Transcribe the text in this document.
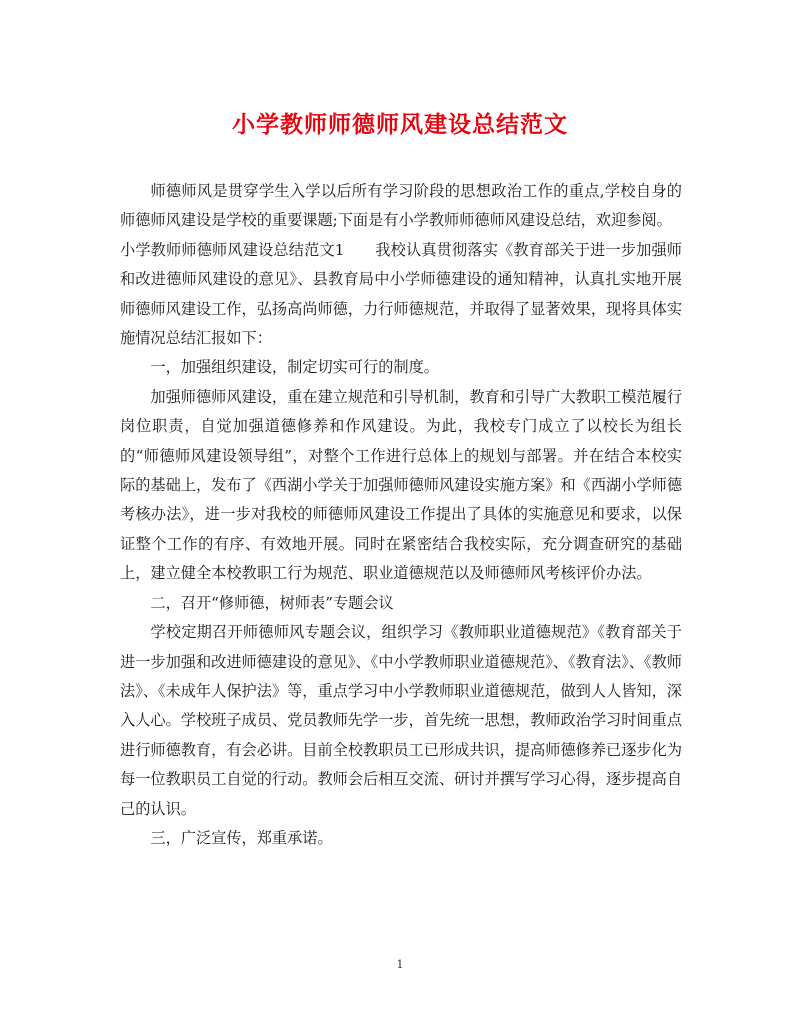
小学教师师德师风建设总结范文

师德师风是贯穿学生入学以后所有学习阶段的思想政治工作的重点,学校自身的师德师风建设是学校的重要课题;下面是有小学教师师德师风建设总结，欢迎参阅。

小学教师师德师风建设总结范文1　　我校认真贯彻落实《教育部关于进一步加强师和改进德师风建设的意见》、县教育局中小学师德建设的通知精神，认真扎实地开展师德师风建设工作，弘扬高尚师德，力行师德规范，并取得了显著效果，现将具体实施情况总结汇报如下：

一，加强组织建设，制定切实可行的制度。

加强师德师风建设，重在建立规范和引导机制，教育和引导广大教职工模范履行岗位职责，自觉加强道德修养和作风建设。为此，我校专门成立了以校长为组长的“师德师风建设领导组”，对整个工作进行总体上的规划与部署。并在结合本校实际的基础上，发布了《西湖小学关于加强师德师风建设实施方案》和《西湖小学师德考核办法》，进一步对我校的师德师风建设工作提出了具体的实施意见和要求，以保证整个工作的有序、有效地开展。同时在紧密结合我校实际，充分调查研究的基础上，建立健全本校教职工行为规范、职业道德规范以及师德师风考核评价办法。

二，召开“修师德，树师表”专题会议

学校定期召开师德师风专题会议，组织学习《教师职业道德规范》《教育部关于进一步加强和改进师德建设的意见》、《中小学教师职业道德规范》、《教育法》、《教师法》、《未成年人保护法》等，重点学习中小学教师职业道德规范，做到人人皆知，深入人心。学校班子成员、党员教师先学一步，首先统一思想，教师政治学习时间重点进行师德教育，有会必讲。目前全校教职员工已形成共识，提高师德修养已逐步化为每一位教职员工自觉的行动。教师会后相互交流、研讨并撰写学习心得，逐步提高自己的认识。

三，广泛宣传，郑重承诺。

1
